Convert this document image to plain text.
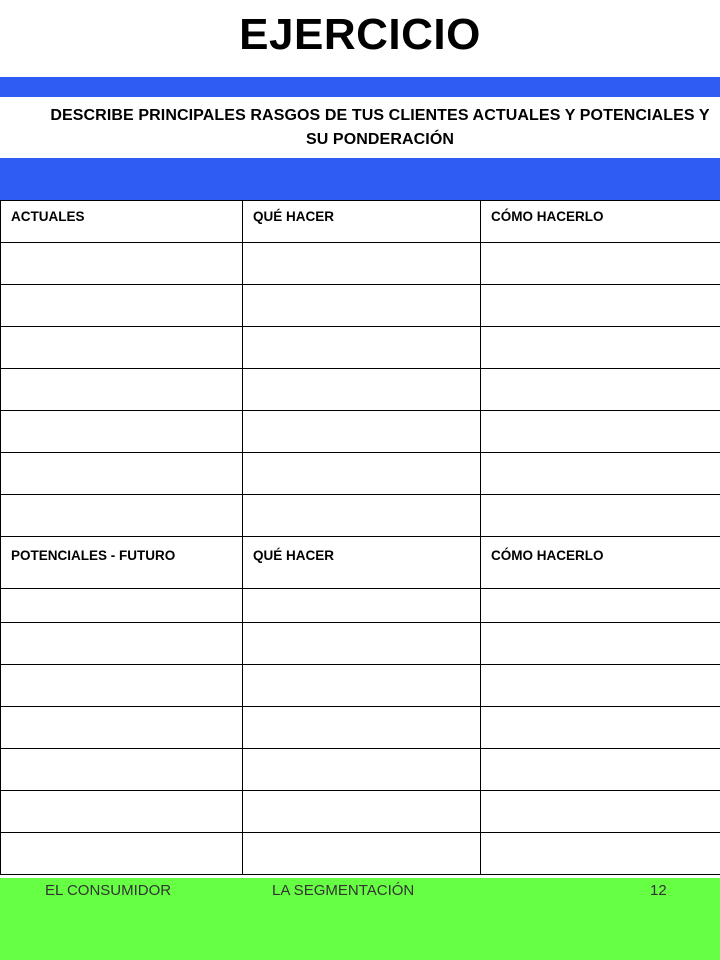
EJERCICIO
DESCRIBE PRINCIPALES RASGOS DE TUS CLIENTES ACTUALES Y POTENCIALES Y SU PONDERACIÓN
ACTUALES	QUÉ HACER	CÓMO HACERLO

POTENCIALES - FUTURO	QUÉ HACER	CÓMO HACERLO

EL CONSUMIDOR	LA SEGMENTACIÓN	12
